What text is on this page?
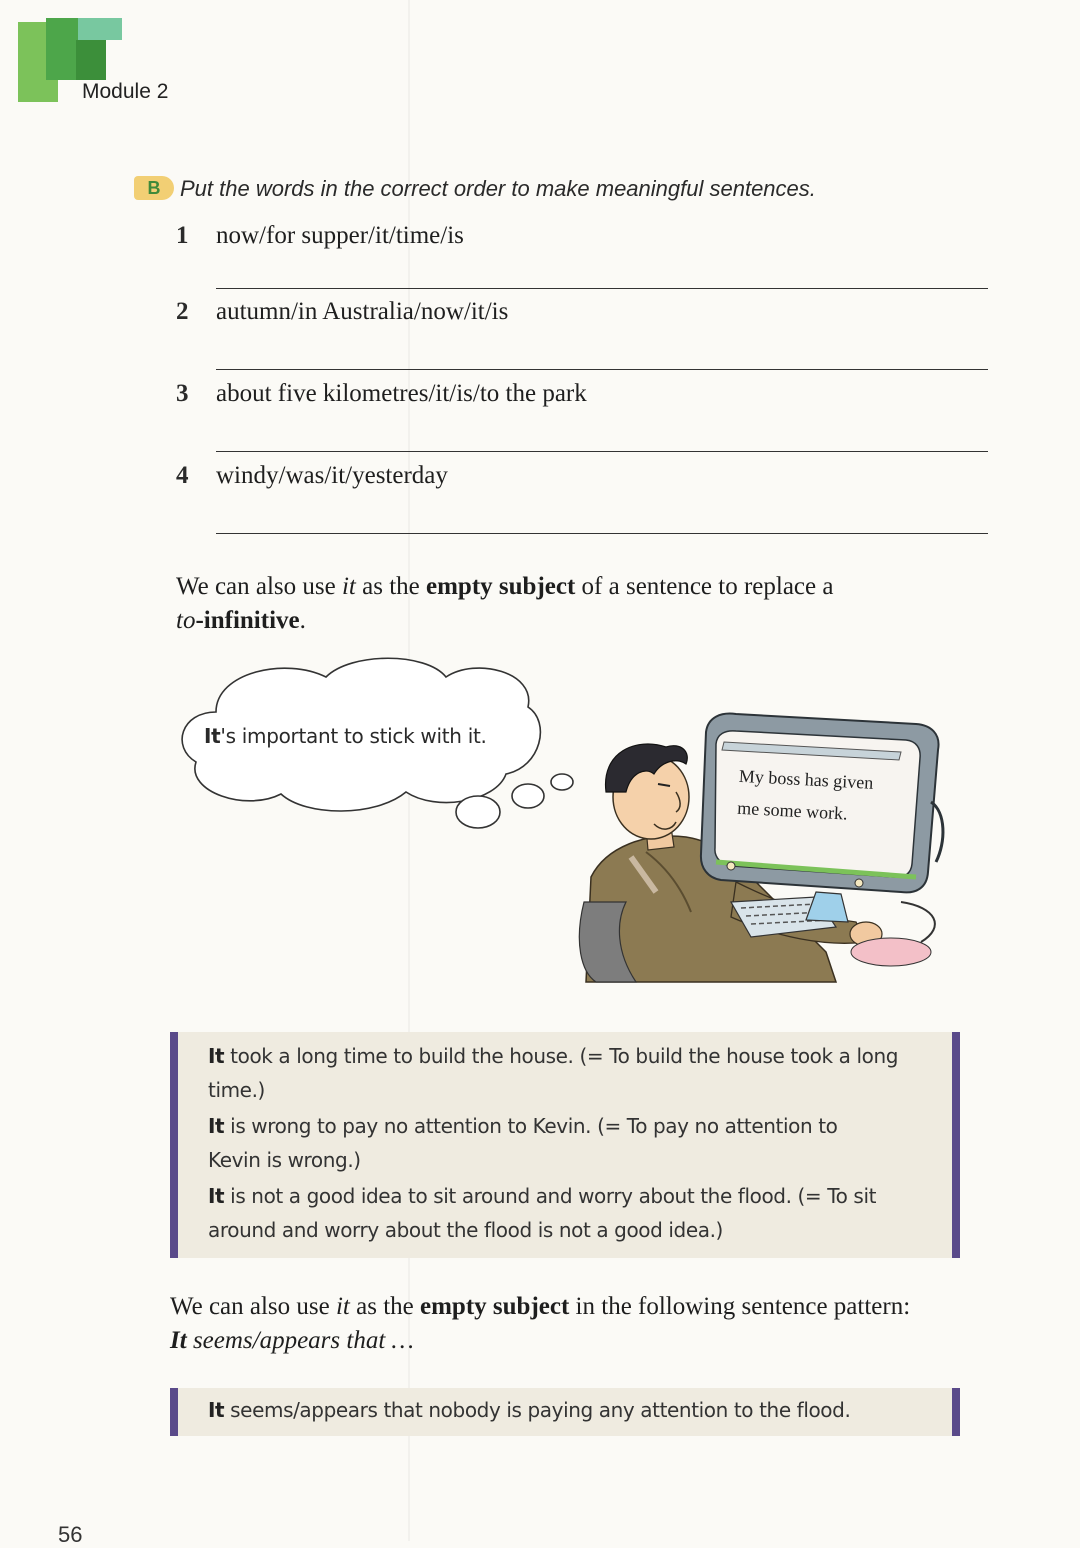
Module 2
B Put the words in the correct order to make meaningful sentences.
1 now/for supper/it/time/is
2 autumn/in Australia/now/it/is
3 about five kilometres/it/is/to the park
4 windy/was/it/yesterday
We can also use it as the empty subject of a sentence to replace a
to-infinitive.
It's important to stick with it.
My boss has given
me some work.
It took a long time to build the house. (= To build the house took a long
time.)
It is wrong to pay no attention to Kevin. (= To pay no attention to
Kevin is wrong.)
It is not a good idea to sit around and worry about the flood. (= To sit
around and worry about the flood is not a good idea.)
We can also use it as the empty subject in the following sentence pattern:
It seems/appears that …
It seems/appears that nobody is paying any attention to the flood.
56
